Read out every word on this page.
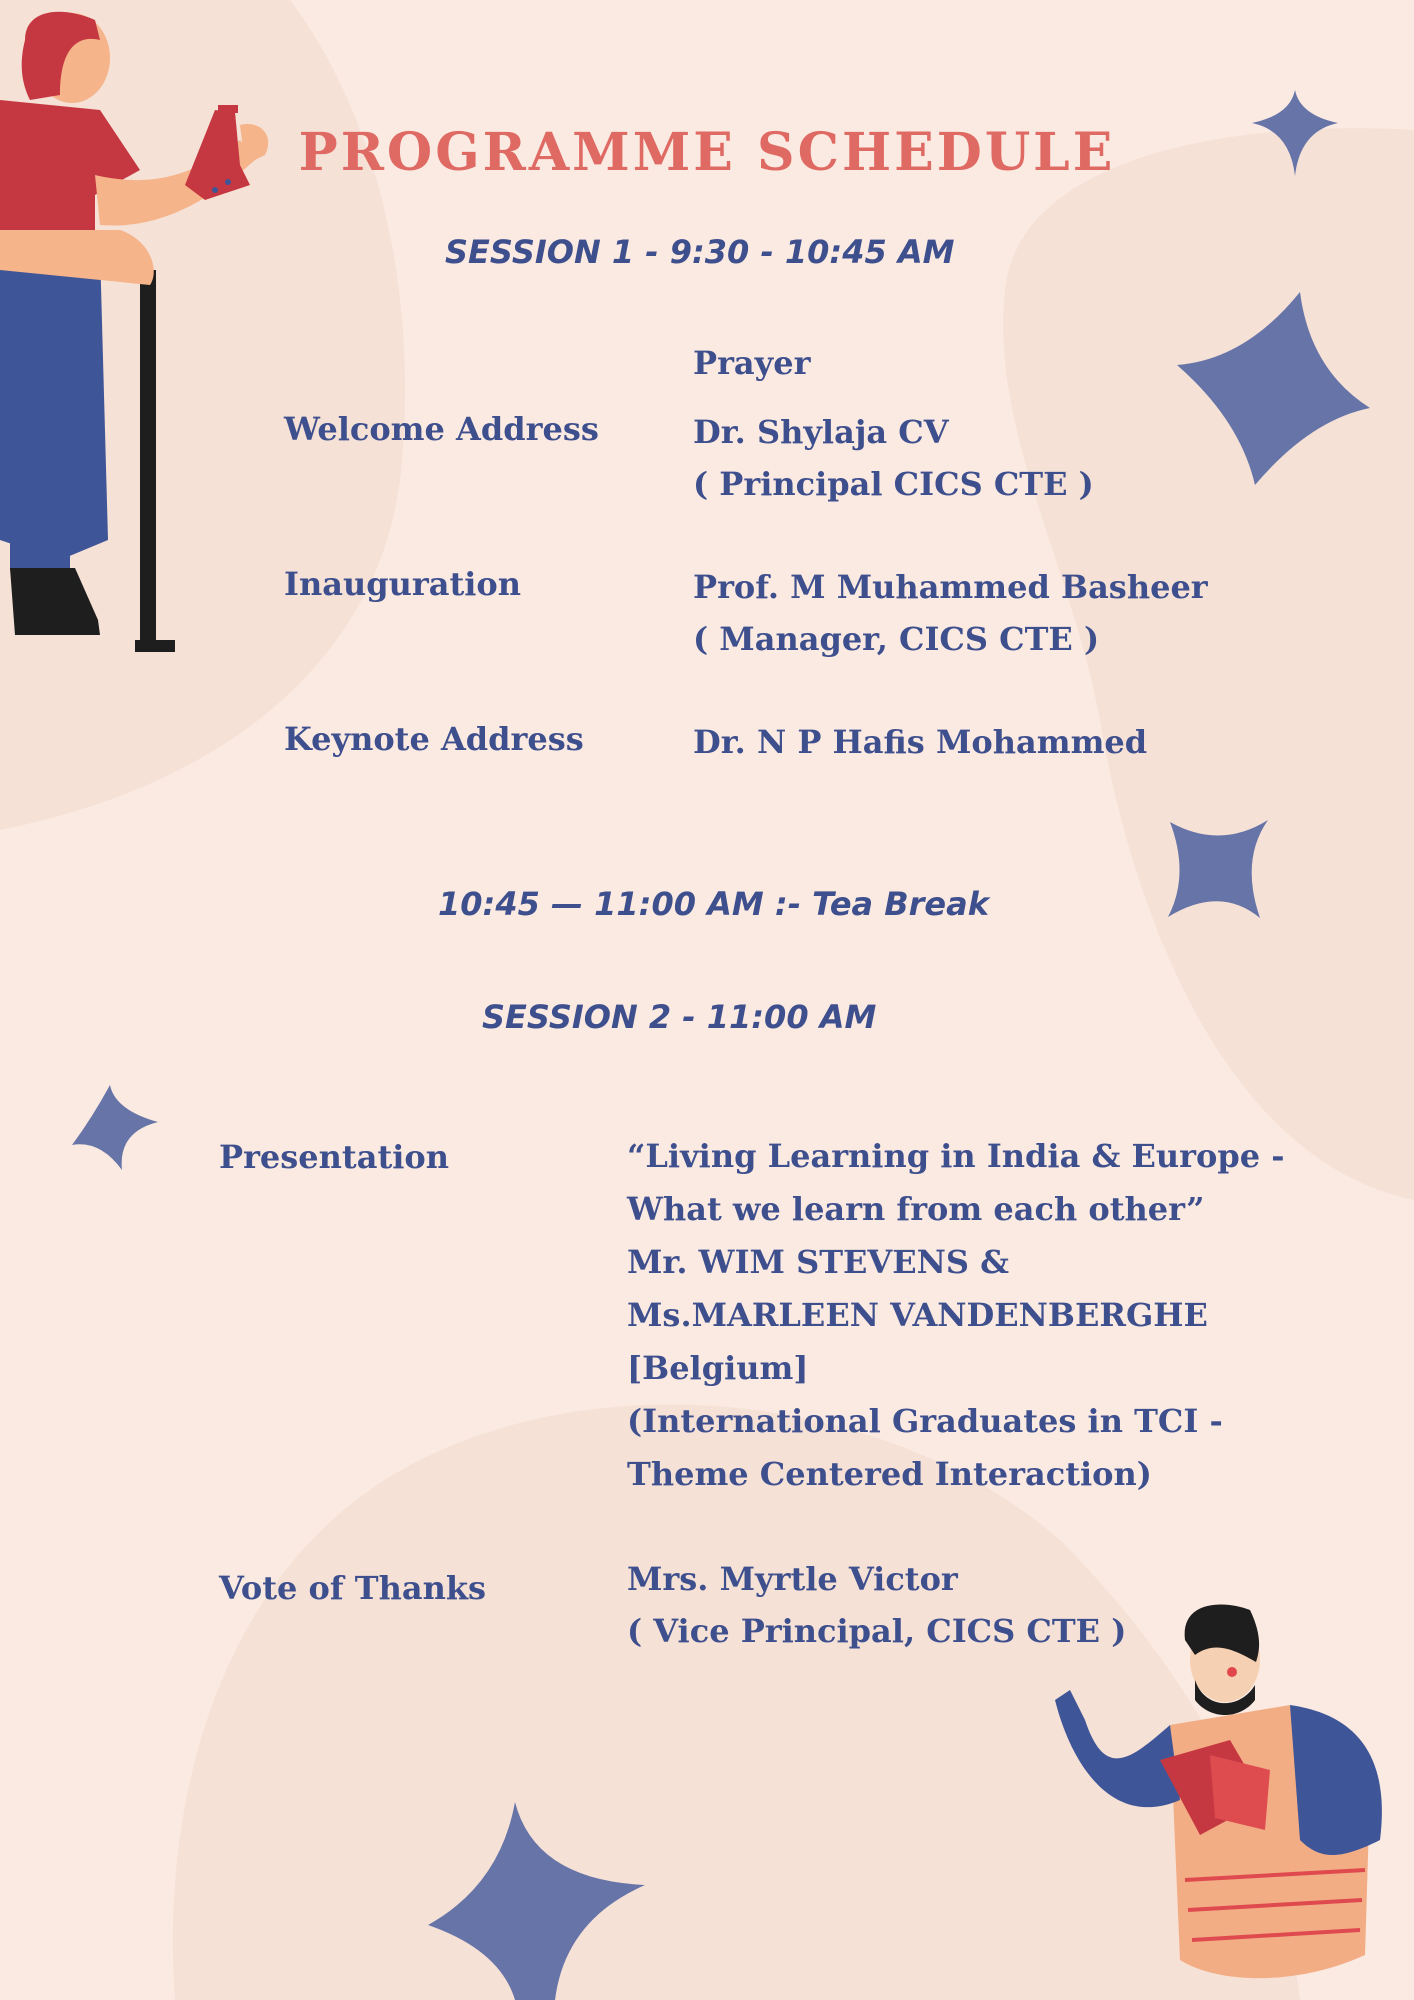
PROGRAMME SCHEDULE
SESSION 1 - 9:30 - 10:45 AM
Prayer
Welcome Address	Dr. Shylaja CV
( Principal CICS CTE )
Inauguration	Prof. M Muhammed Basheer
( Manager, CICS CTE )
Keynote Address	Dr. N P Hafis Mohammed
10:45 — 11:00 AM :- Tea Break
SESSION 2 - 11:00 AM
Presentation	“Living Learning in India & Europe -
What we learn from each other”
Mr. WIM STEVENS &
Ms.MARLEEN VANDENBERGHE
[Belgium]
(International Graduates in TCI -
Theme Centered Interaction)
Vote of Thanks	Mrs. Myrtle Victor
( Vice Principal, CICS CTE )
